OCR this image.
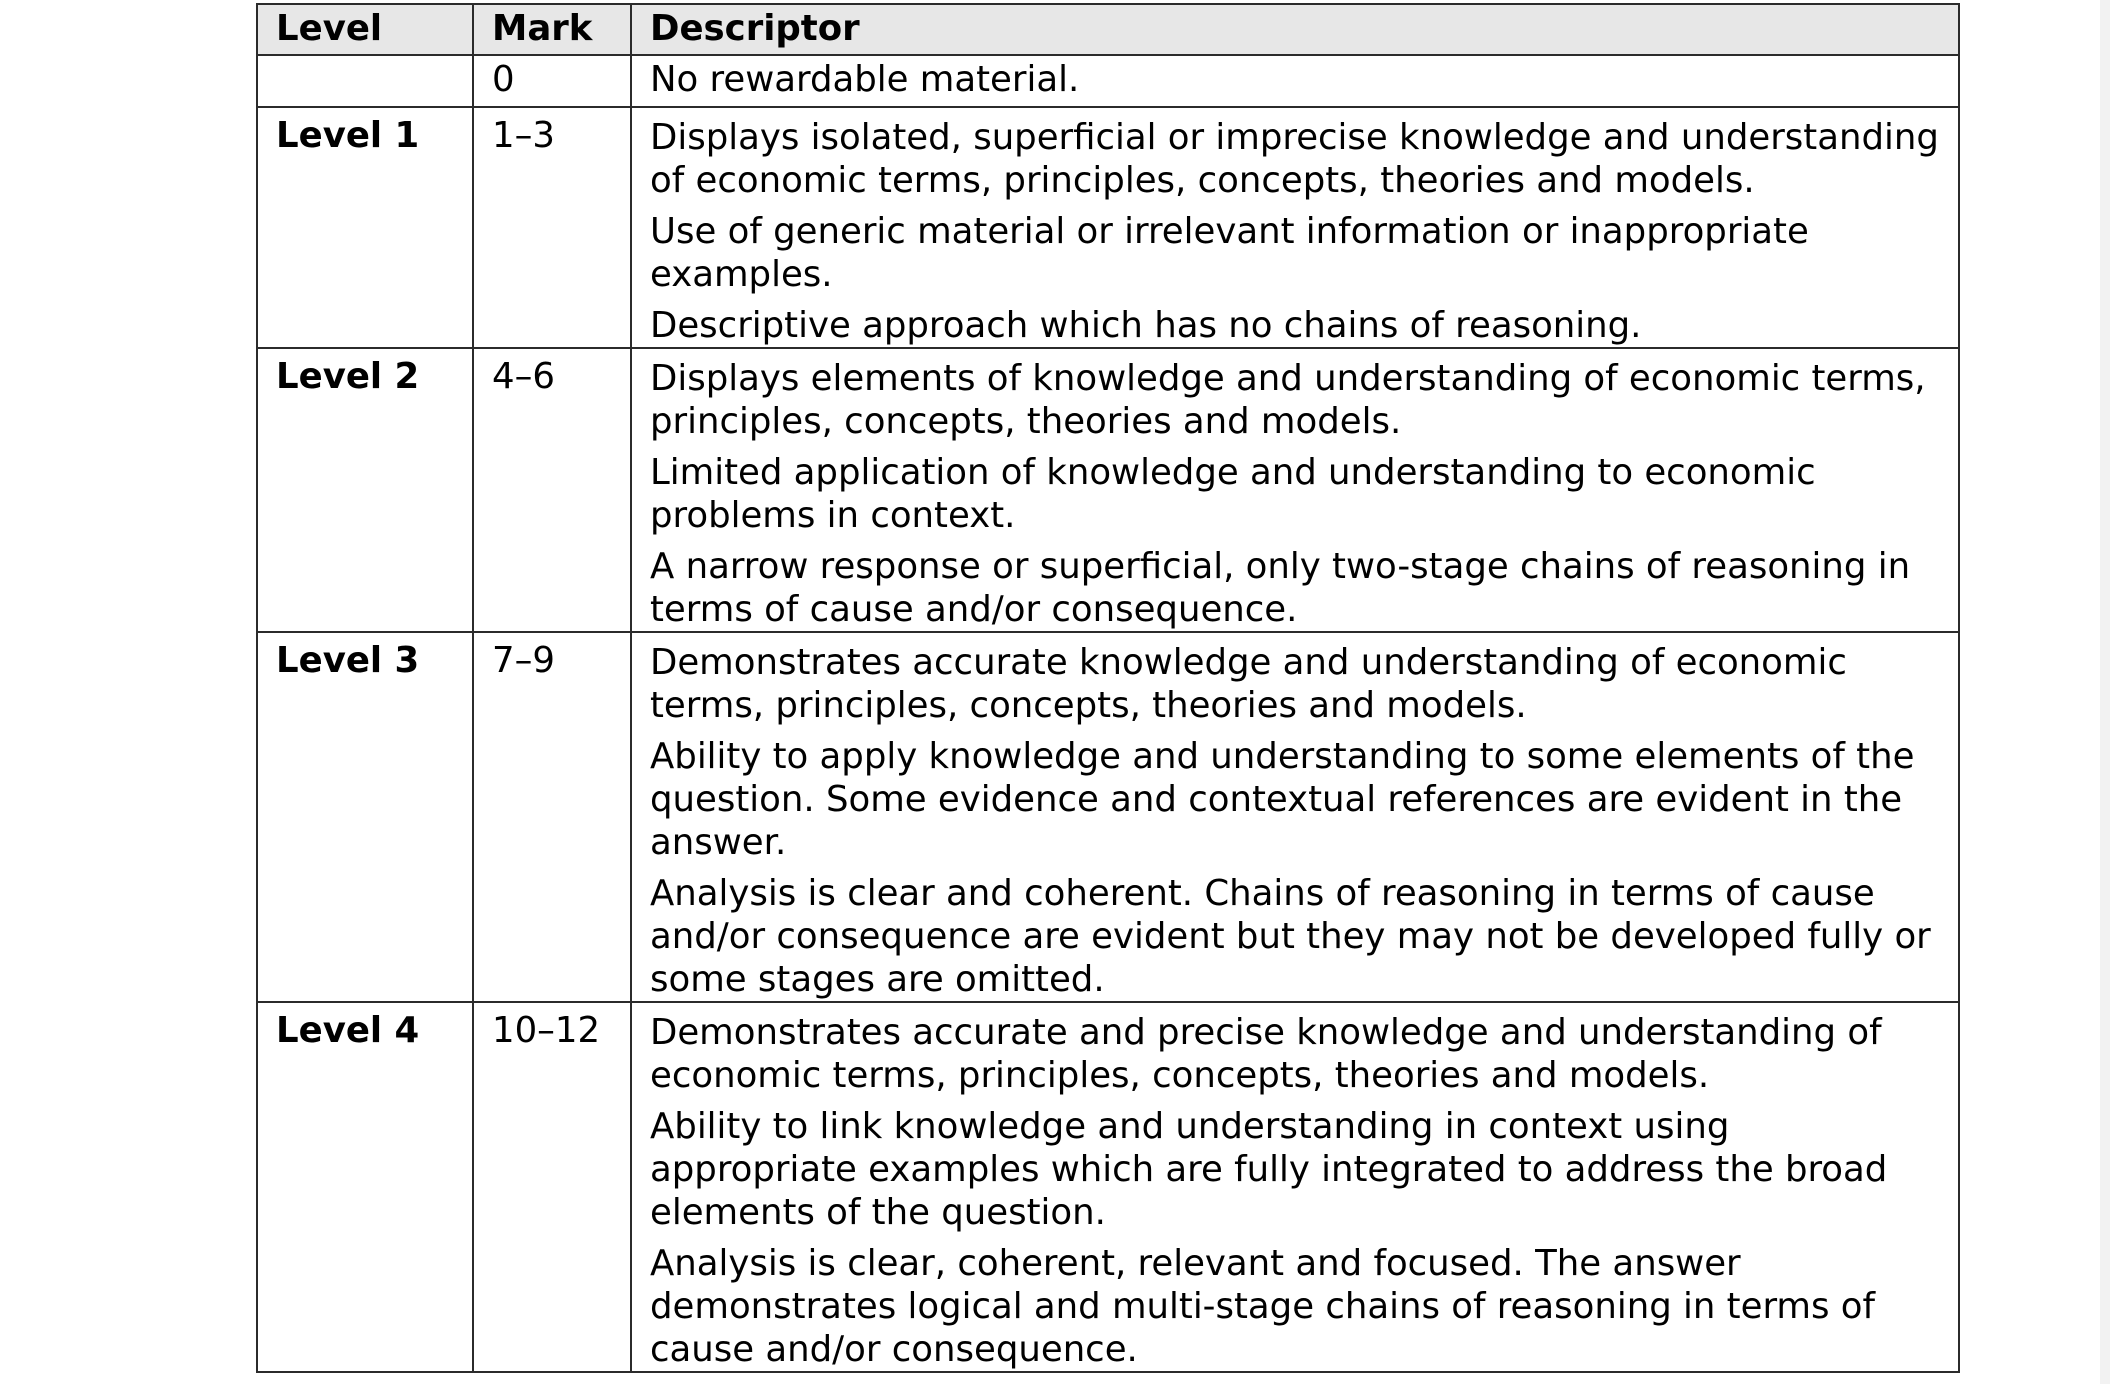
Level	Mark	Descriptor
	0	No rewardable material.

Level 1	1–3	Displays isolated, superficial or imprecise knowledge and understanding of economic terms, principles, concepts, theories and models.

Use of generic material or irrelevant information or inappropriate examples.

Descriptive approach which has no chains of reasoning.

Level 2	4–6	Displays elements of knowledge and understanding of economic terms, principles, concepts, theories and models.

Limited application of knowledge and understanding to economic problems in context.

A narrow response or superficial, only two-stage chains of reasoning in terms of cause and/or consequence.

Level 3	7–9	Demonstrates accurate knowledge and understanding of economic terms, principles, concepts, theories and models.

Ability to apply knowledge and understanding to some elements of the question. Some evidence and contextual references are evident in the answer.

Analysis is clear and coherent. Chains of reasoning in terms of cause and/or consequence are evident but they may not be developed fully or some stages are omitted.

Level 4	10–12	Demonstrates accurate and precise knowledge and understanding of economic terms, principles, concepts, theories and models.

Ability to link knowledge and understanding in context using appropriate examples which are fully integrated to address the broad elements of the question.

Analysis is clear, coherent, relevant and focused. The answer demonstrates logical and multi-stage chains of reasoning in terms of cause and/or consequence.
